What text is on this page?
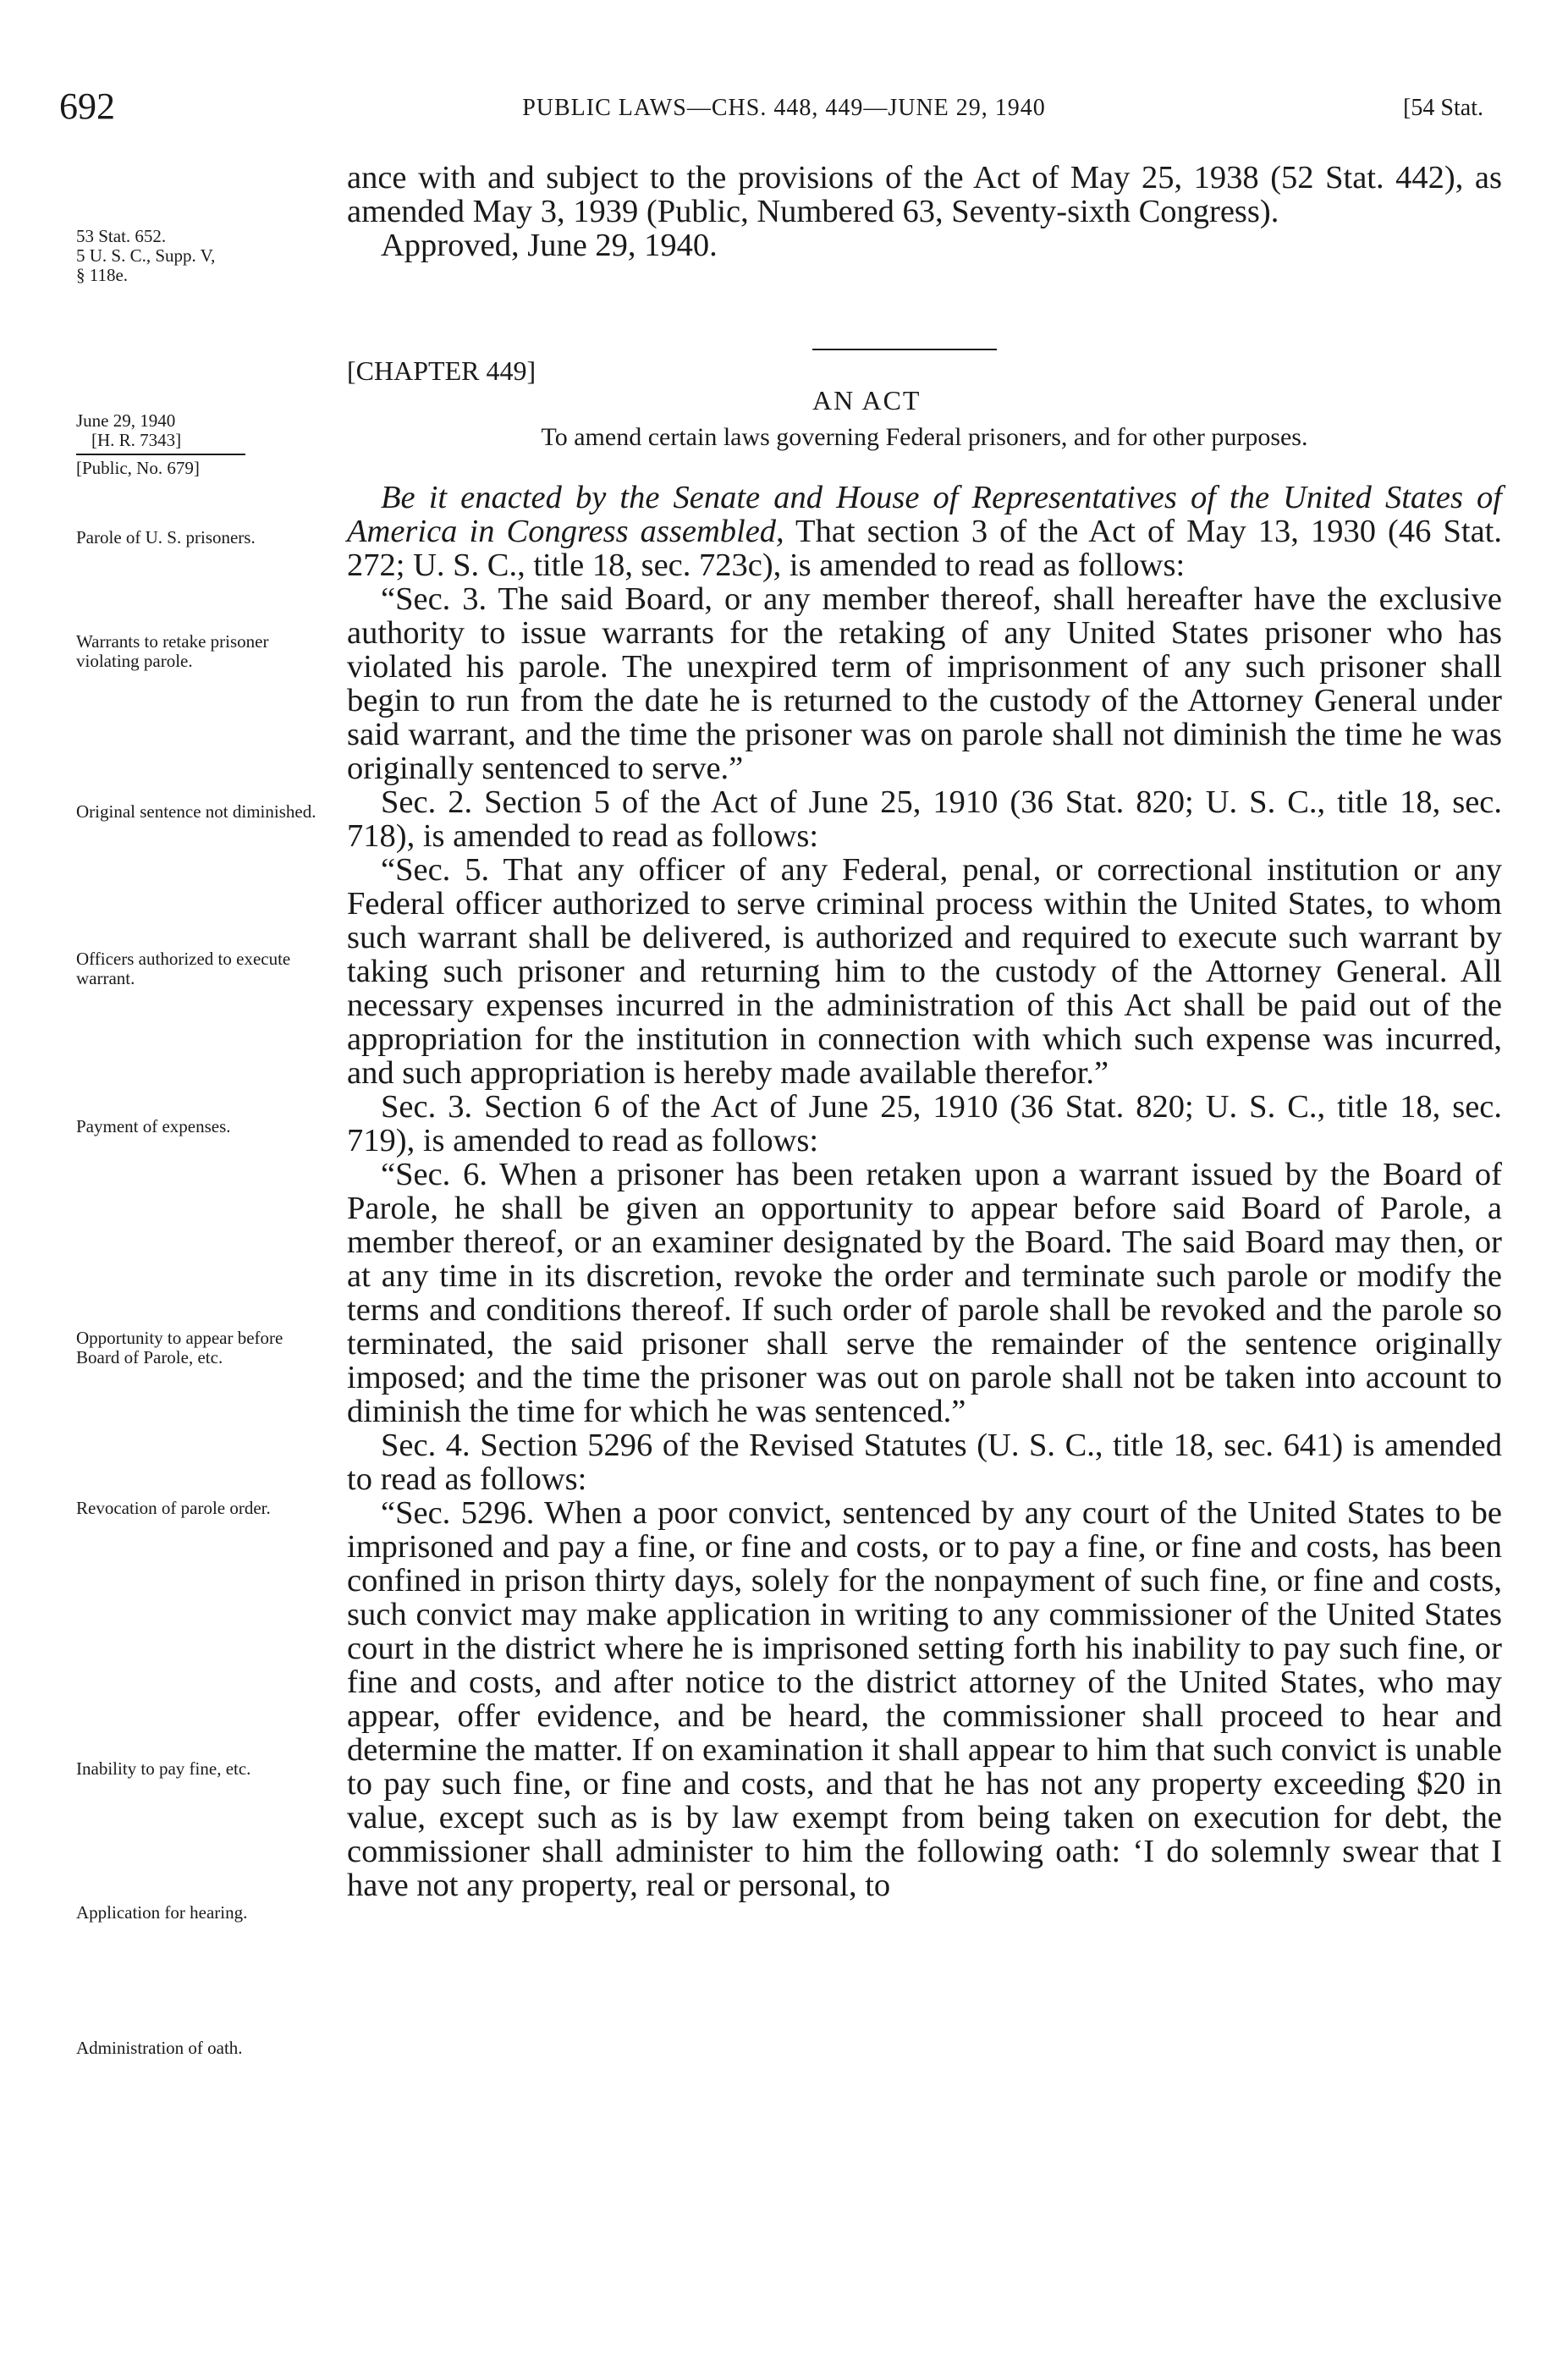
692	PUBLIC LAWS—CHS. 448, 449—JUNE 29, 1940	[54 Stat.
53 Stat. 652.
5 U. S. C., Supp. V,
§ 118e.
June 29, 1940
[H. R. 7343]
[Public, No. 679]
Parole of U. S. prisoners.
Warrants to retake prisoner violating parole.
Original sentence not diminished.
Officers authorized to execute warrant.
Payment of expenses.
Opportunity to appear before Board of Parole, etc.
Revocation of parole order.
Inability to pay fine, etc.
Application for hearing.
Administration of oath.

ance with and subject to the provisions of the Act of May 25, 1938 (52 Stat. 442), as amended May 3, 1939 (Public, Numbered 63, Seventy-sixth Congress).

Approved, June 29, 1940.

[CHAPTER 449]
AN ACT
To amend certain laws governing Federal prisoners, and for other purposes.

Be it enacted by the Senate and House of Representatives of the United States of America in Congress assembled, That section 3 of the Act of May 13, 1930 (46 Stat. 272; U. S. C., title 18, sec. 723c), is amended to read as follows:

“Sec. 3. The said Board, or any member thereof, shall hereafter have the exclusive authority to issue warrants for the retaking of any United States prisoner who has violated his parole. The unexpired term of imprisonment of any such prisoner shall begin to run from the date he is returned to the custody of the Attorney General under said warrant, and the time the prisoner was on parole shall not diminish the time he was originally sentenced to serve.”

Sec. 2. Section 5 of the Act of June 25, 1910 (36 Stat. 820; U. S. C., title 18, sec. 718), is amended to read as follows:

“Sec. 5. That any officer of any Federal, penal, or correctional institution or any Federal officer authorized to serve criminal process within the United States, to whom such warrant shall be delivered, is authorized and required to execute such warrant by taking such prisoner and returning him to the custody of the Attorney General. All necessary expenses incurred in the administration of this Act shall be paid out of the appropriation for the institution in connection with which such expense was incurred, and such appropriation is hereby made available therefor.”

Sec. 3. Section 6 of the Act of June 25, 1910 (36 Stat. 820; U. S. C., title 18, sec. 719), is amended to read as follows:

“Sec. 6. When a prisoner has been retaken upon a warrant issued by the Board of Parole, he shall be given an opportunity to appear before said Board of Parole, a member thereof, or an examiner designated by the Board. The said Board may then, or at any time in its discretion, revoke the order and terminate such parole or modify the terms and conditions thereof. If such order of parole shall be revoked and the parole so terminated, the said prisoner shall serve the remainder of the sentence originally imposed; and the time the prisoner was out on parole shall not be taken into account to diminish the time for which he was sentenced.”

Sec. 4. Section 5296 of the Revised Statutes (U. S. C., title 18, sec. 641) is amended to read as follows:

“Sec. 5296. When a poor convict, sentenced by any court of the United States to be imprisoned and pay a fine, or fine and costs, or to pay a fine, or fine and costs, has been confined in prison thirty days, solely for the nonpayment of such fine, or fine and costs, such convict may make application in writing to any commissioner of the United States court in the district where he is imprisoned setting forth his inability to pay such fine, or fine and costs, and after notice to the district attorney of the United States, who may appear, offer evidence, and be heard, the commissioner shall proceed to hear and determine the matter. If on examination it shall appear to him that such convict is unable to pay such fine, or fine and costs, and that he has not any property exceeding $20 in value, except such as is by law exempt from being taken on execution for debt, the commissioner shall administer to him the following oath: ‘I do solemnly swear that I have not any property, real or personal, to
